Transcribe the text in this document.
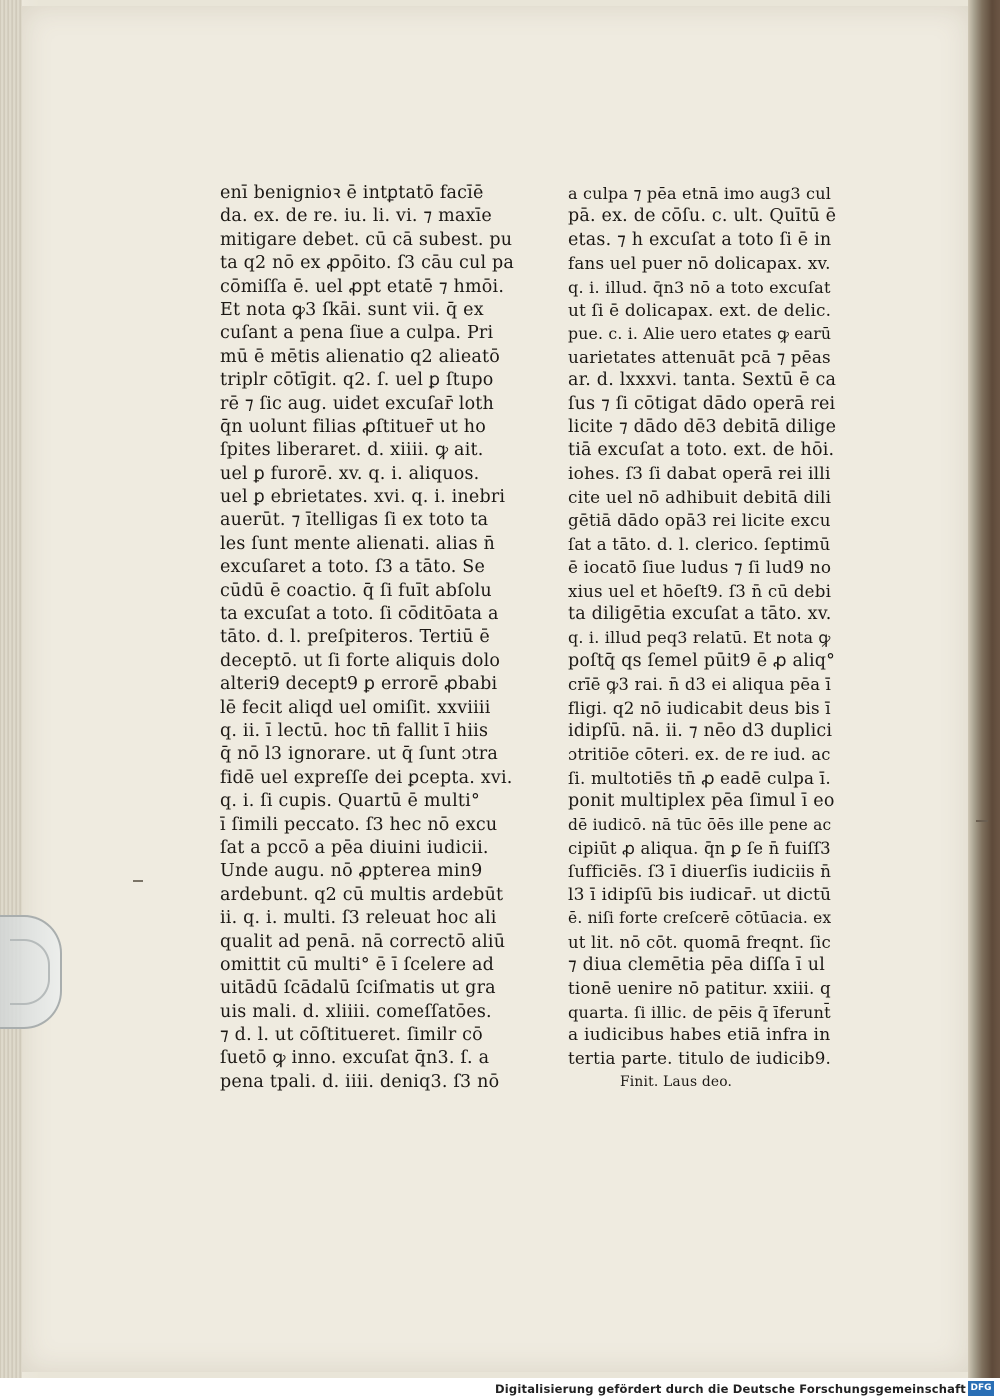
enī benignioꝛ ē intꝑtatō facīē
da. ex. de re. iu. li. vi. ⁊ maxīe
mitigare debet. cū cā subest. pu
ta q2 nō ex ꝓpōito. ſ3 cāu cul pa
cōmiſſa ē. uel ꝓpt etatē ⁊ hmōi.
Et nota ꝙ3 ſkāi. sunt vii. q̄ ex
cuſant a pena ſiue a culpa. Pri
mū ē mētis alienatio q2 alieatō
tripl̄r cōtīgit. q2. ſ. uel ꝑ ſtupo
rē ⁊ ſic aug. uidet excuſar̄ loth
q̄n uolunt filias ꝓſtituer̄ ut ho
ſpites liberaret. d. xiiii. ꝙ ait.
uel ꝑ furorē. xv. q. i. aliquos.
uel ꝑ ebrietates. xvi. q. i. inebri
auerūt. ⁊ ītelligas ſi ex toto ta
les ſunt mente alienati. alias n̄
excuſaret a toto. ſ3 a tāto. Se
cūdū ē coactio. q̄ ſi fuīt abſolu
ta excuſat a toto. ſi cōditōata a
tāto. d. l. preſpiteros. Tertiū ē
deceptō. ut ſi forte aliquis dolo
alteri9 decept9 ꝑ errorē ꝓbabi
lē fecit aliqd uel omiſit. xxviiii
q. ii. ī lectū. hoc tn̄ fallit ī hiis
q̄ nō l3 ignorare. ut q̄ ſunt ɔtra
fidē uel expreſſe dei ꝑcepta. xvi.
q. i. ſi cupis. Quartū ē multi°
ī ſimili peccato. ſ3 hec nō excu
ſat a pccō a pēa diuini iudicii.
Unde augu. nō ꝓpterea min9
ardebunt. q2 cū multis ardebūt
ii. q. i. multi. ſ3 releuat hoc ali
qualit̄ ad penā. nā correctō aliū
omittit̄ cū multi° ē ī ſcelere ad
uitādū ſcādalū ſciſmatis ut gra
uis mali. d. xliiii. comeſſatōes.
⁊ d. l. ut cōſtitueret. ſimil̄r cō
ſuetō ꝙ inno. excuſat q̄n3. ſ. a
pena tpali. d. iiii. deniq3. ſ3 nō
a culpa ⁊ pēa etnā imo aug3 cul
pā. ex. de cōſu. c. ult. Quītū ē
etas. ⁊ h̄ excuſat a toto ſi ē in
fans uel puer nō dolicapax. xv.
q. i. illud. q̄n3 nō a toto excuſat
ut ſi ē dolicapax. ext. de delic.
pue. c. i. Alie uero etates ꝙ earū
uarietates attenuāt pcā ⁊ pēas
ar. d. lxxxvi. tanta. Sextū ē ca
ſus ⁊ ſi cōtigat dādo operā rei
licite ⁊ dādo dē3 debitā dilige
tiā excuſat a toto. ext. de hōi.
iohes. ſ3 ſi dabat operā rei illi
cite uel nō adhibuit debitā dili
gētiā dādo opā3 rei licite excu
ſat a tāto. d. l. clerico. ſeptimū
ē iocatō ſiue ludus ⁊ ſi lud9 no
xius uel et hōeſt9. ſ3 n̄ cū debi
ta diligētia excuſat a tāto. xv.
q. i. illud peq3 relatū. Et nota ꝙ
poſtq̄ qs ſemel pūit9 ē ꝓ aliq°
crīē ꝙ3 rai. n̄ d3 ei aliqua pēa ī
fligi. q2 nō iudicabit deus bis ī
idipſū. nā. ii. ⁊ nēo d3 duplici
ɔtritiōe cōteri. ex. de re iud. ac
ſi. multotiēs tn̄ ꝓ eadē culpa ī.
ponit multiplex pēa ſimul ī eo
dē iudicō. nā tūc ōēs ille pene ac
cipiūt ꝓ aliqua. q̄n ꝑ ſe n̄ fuiſſ3
ſufficiēs. ſ3 ī diuerſis iudiciis n̄
l3 ī idipſū bis iudicar̄. ut dictū
ē. niſi forte creſcerē cōtūacia. ex
ut lit. nō cōt. quomā freqnt. ſic
⁊ diua clemētia pēa diſſa ī ul
tionē uenire nō patitur. xxiii. q
quarta. ſi illic. de pēis q̄ īferunt̄
a iudicibus habes etiā infra in
tertia parte. titulo de iudicib9.
Finit. Laus deo.
Digitalisierung gefördert durch die Deutsche Forschungsgemeinschaft DFG
